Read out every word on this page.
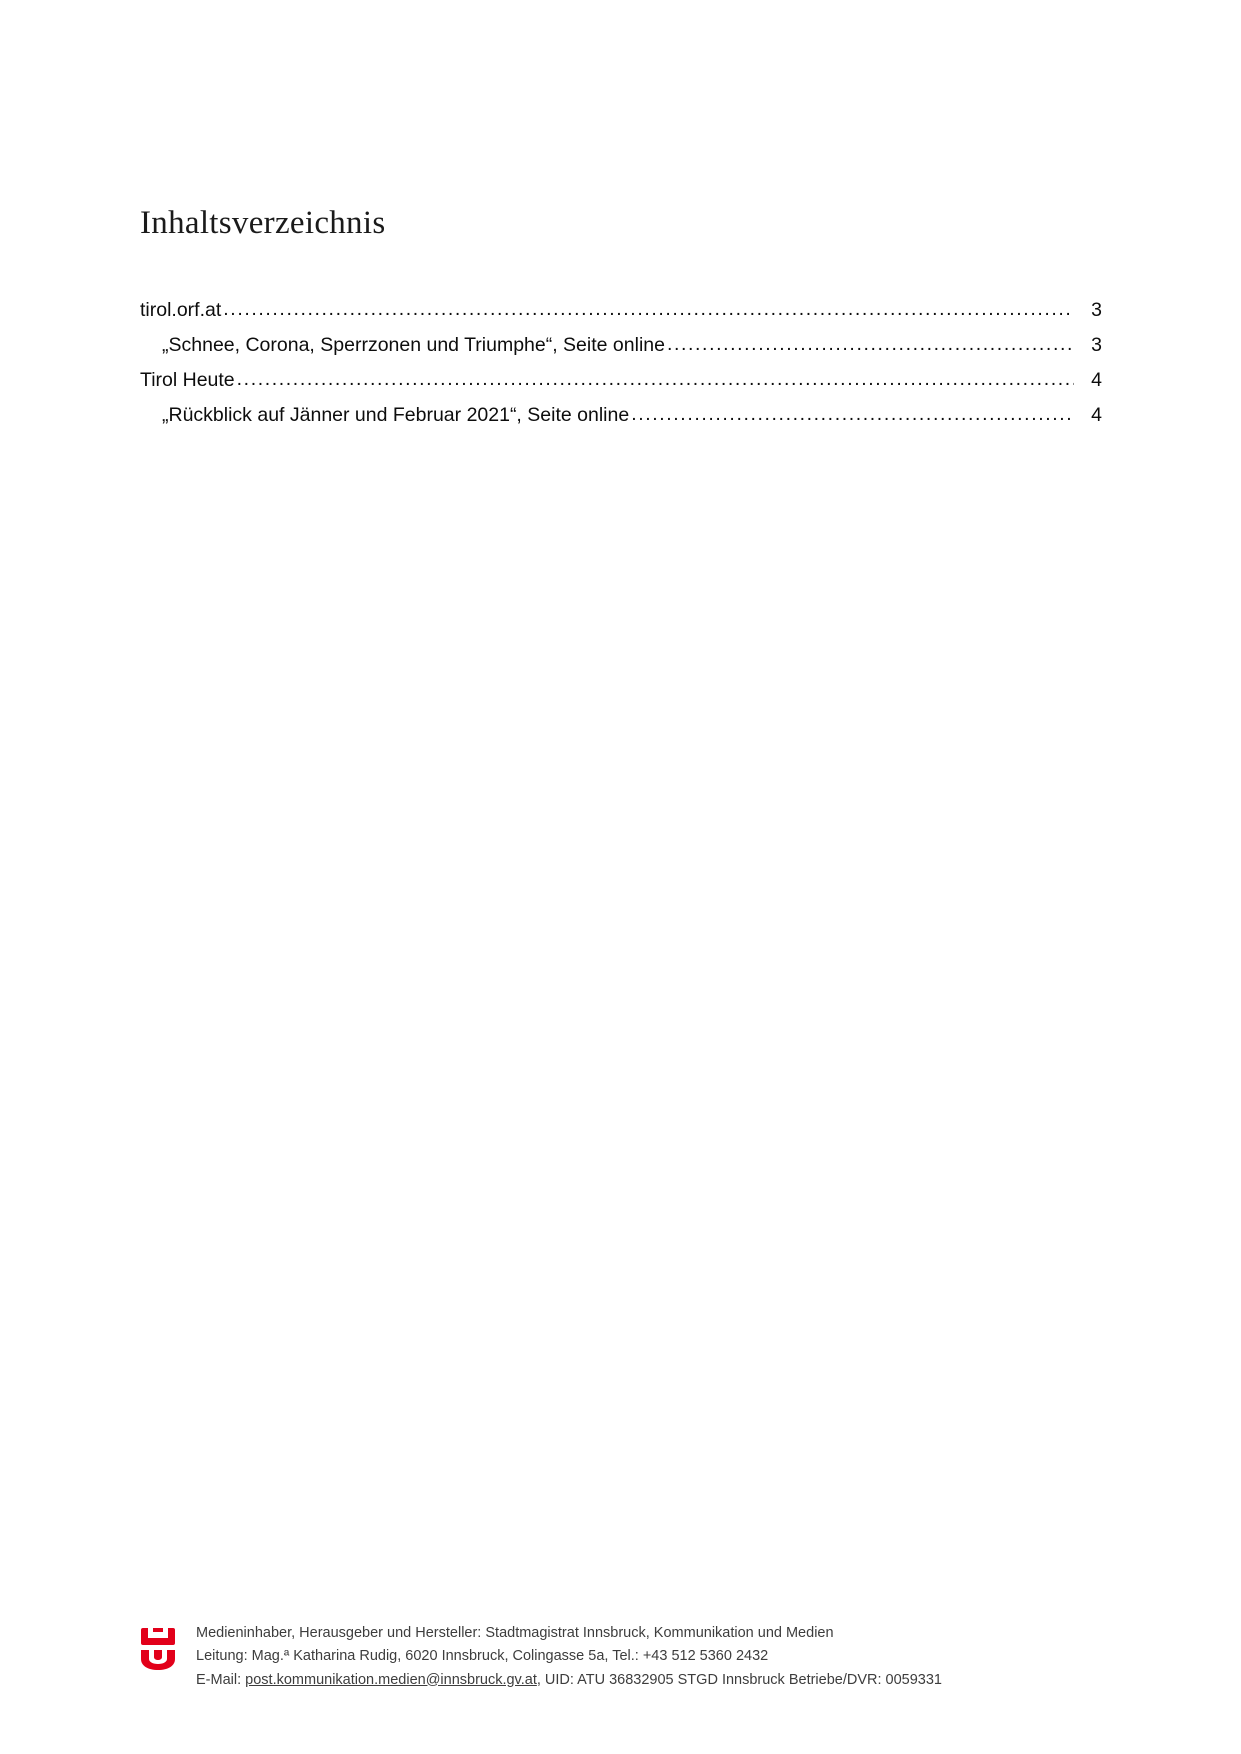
Inhaltsverzeichnis
tirol.orf.at .....	3
„Schnee, Corona, Sperrzonen und Triumphe“, Seite online .....	3
Tirol Heute .....	4
„Rückblick auf Jänner und Februar 2021“, Seite online .....	4
Medieninhaber, Herausgeber und Hersteller: Stadtmagistrat Innsbruck, Kommunikation und Medien
Leitung: Mag.ª Katharina Rudig, 6020 Innsbruck, Colingasse 5a, Tel.: +43 512 5360 2432
E-Mail: post.kommunikation.medien@innsbruck.gv.at, UID: ATU 36832905 STGD Innsbruck Betriebe/DVR: 0059331
